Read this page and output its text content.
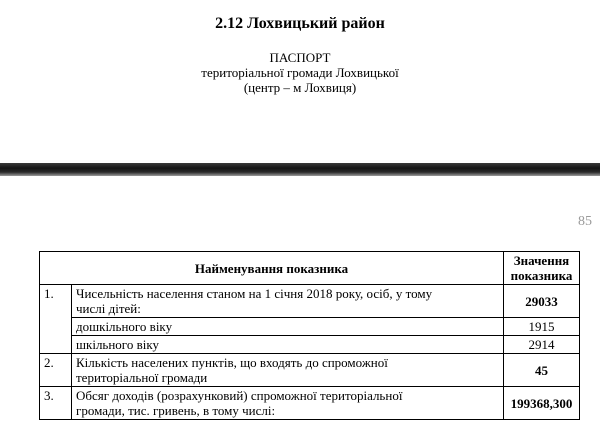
2.12 Лохвицький район
ПАСПОРТ
територіальної громади Лохвицької
(центр – м Лохвиця)
85
Найменування показника		Значення
показника

1.	Чисельність населення станом на 1 січня 2018 року, осіб, у тому
числі дітей:	29033
	дошкільного віку	1915
	шкільного віку	2914
2.	Кількість населених пунктів, що входять до спроможної
територіальної громади	45
3.	Обсяг доходів (розрахунковий) спроможної територіальної
громади, тис. гривень, в тому числі:	199368,300
